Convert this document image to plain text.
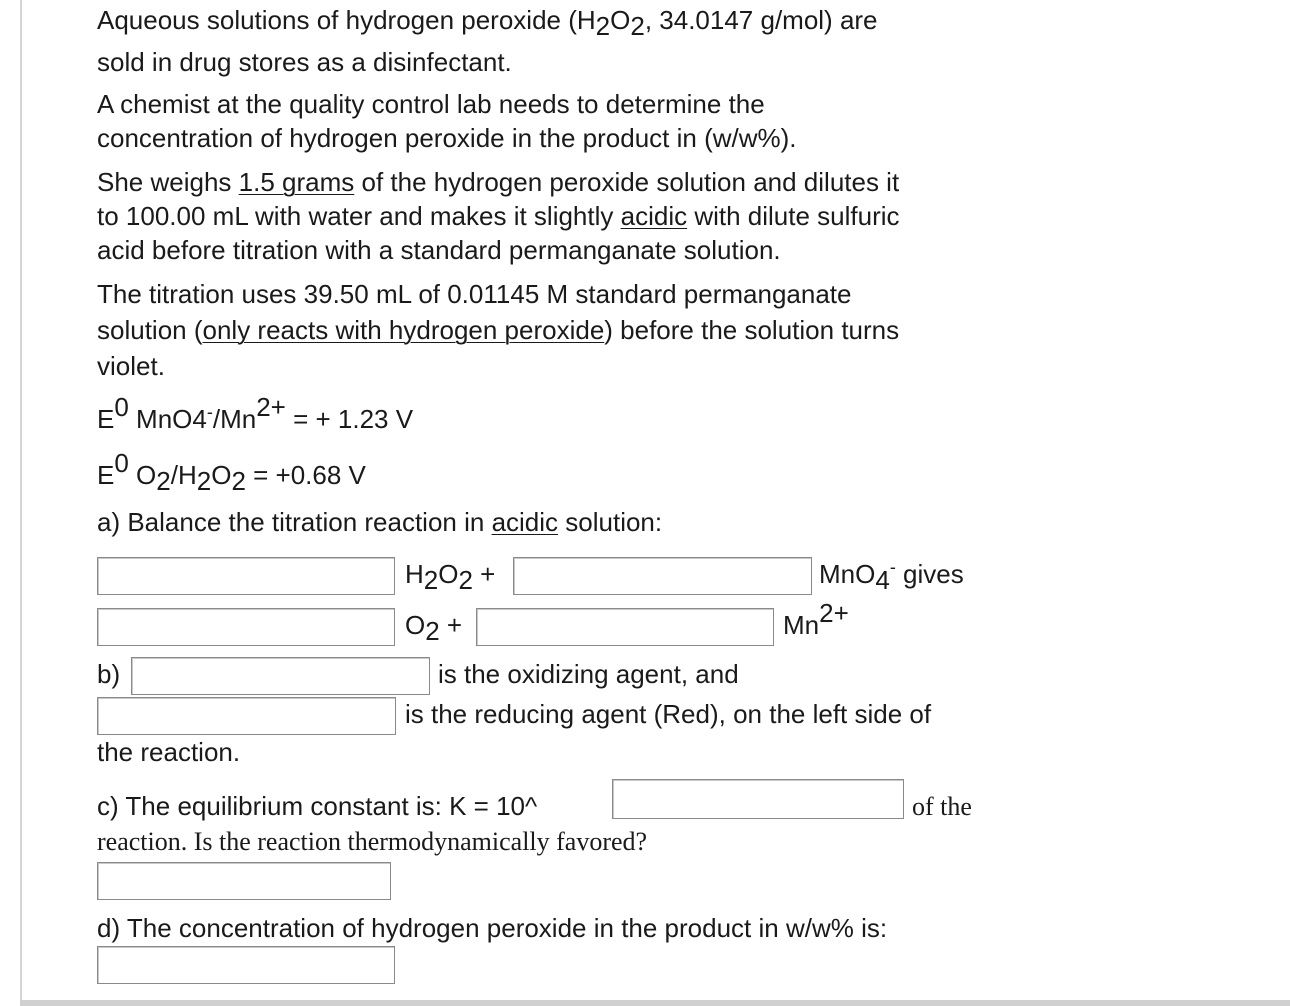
Aqueous solutions of hydrogen peroxide (H2O2, 34.0147 g/mol) are
sold in drug stores as a disinfectant.
A chemist at the quality control lab needs to determine the
concentration of hydrogen peroxide in the product in (w/w%).
She weighs 1.5 grams of the hydrogen peroxide solution and dilutes it
to 100.00 mL with water and makes it slightly acidic with dilute sulfuric
acid before titration with a standard permanganate solution.
The titration uses 39.50 mL of 0.01145 M standard permanganate
solution (only reacts with hydrogen peroxide) before the solution turns
violet.
E0 MnO4-/Mn2+ = + 1.23 V
E0 O2/H2O2 = +0.68 V
a) Balance the titration reaction in acidic solution:
H2O2 +	MnO4- gives
O2 +	Mn2+
b)	is the oxidizing agent, and
is the reducing agent (Red), on the left side of
the reaction.
c) The equilibrium constant is: K = 10^	of the
reaction. Is the reaction thermodynamically favored?
d) The concentration of hydrogen peroxide in the product in w/w% is:
